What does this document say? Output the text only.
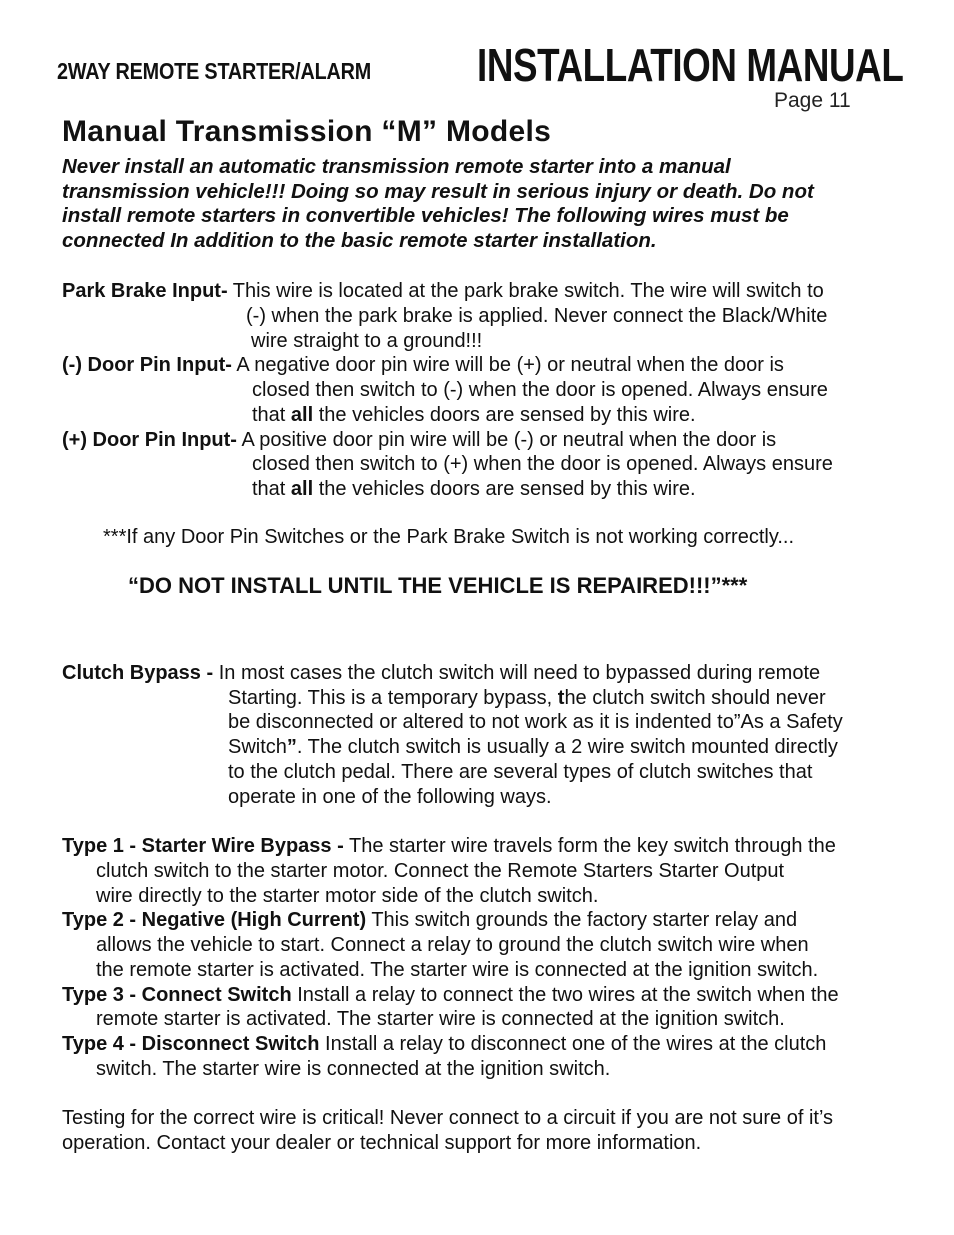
2WAY REMOTE STARTER/ALARM INSTALLATION MANUAL
Page 11
Manual Transmission “M” Models
Never install an automatic transmission remote starter into a manual
transmission vehicle!!! Doing so may result in serious injury or death. Do not
install remote starters in convertible vehicles! The following wires must be
connected In addition to the basic remote starter installation.
Park Brake Input- This wire is located at the park brake switch. The wire will switch to
(-) when the park brake is applied. Never connect the Black/White
wire straight to a ground!!!
(-) Door Pin Input- A negative door pin wire will be (+) or neutral when the door is
closed then switch to (-) when the door is opened. Always ensure
that all the vehicles doors are sensed by this wire.
(+) Door Pin Input- A positive door pin wire will be (-) or neutral when the door is
closed then switch to (+) when the door is opened. Always ensure
that all the vehicles doors are sensed by this wire.
***If any Door Pin Switches or the Park Brake Switch is not working correctly...
“DO NOT INSTALL UNTIL THE VEHICLE IS REPAIRED!!!”***
Clutch Bypass - In most cases the clutch switch will need to bypassed during remote
Starting. This is a temporary bypass, the clutch switch should never
be disconnected or altered to not work as it is indented to”As a Safety
Switch”. The clutch switch is usually a 2 wire switch mounted directly
to the clutch pedal. There are several types of clutch switches that
operate in one of the following ways.
Type 1 - Starter Wire Bypass - The starter wire travels form the key switch through the
clutch switch to the starter motor. Connect the Remote Starters Starter Output
wire directly to the starter motor side of the clutch switch.
Type 2 - Negative (High Current) This switch grounds the factory starter relay and
allows the vehicle to start. Connect a relay to ground the clutch switch wire when
the remote starter is activated. The starter wire is connected at the ignition switch.
Type 3 - Connect Switch Install a relay to connect the two wires at the switch when the
remote starter is activated. The starter wire is connected at the ignition switch.
Type 4 - Disconnect Switch Install a relay to disconnect one of the wires at the clutch
switch. The starter wire is connected at the ignition switch.
Testing for the correct wire is critical! Never connect to a circuit if you are not sure of it’s
operation. Contact your dealer or technical support for more information.
